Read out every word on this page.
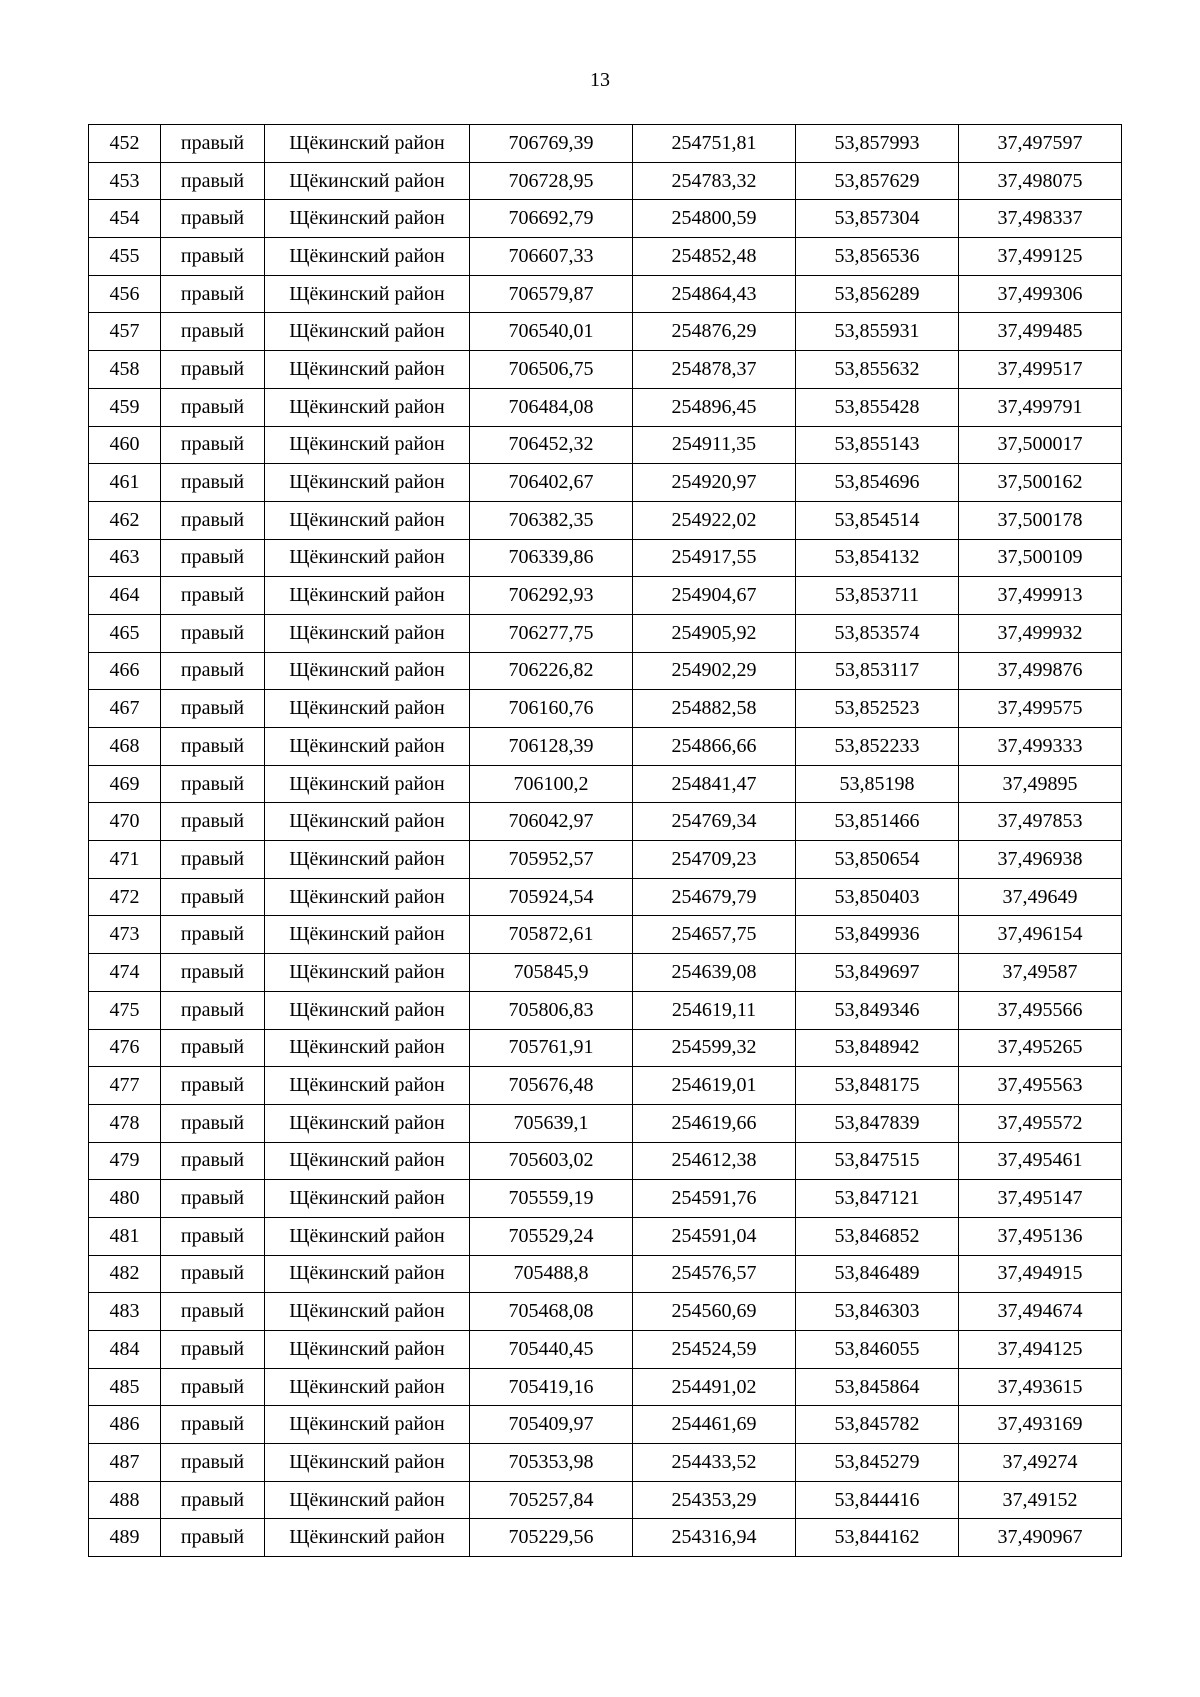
13
452	правый	Щёкинский район	706769,39	254751,81	53,857993	37,497597
453	правый	Щёкинский район	706728,95	254783,32	53,857629	37,498075
454	правый	Щёкинский район	706692,79	254800,59	53,857304	37,498337
455	правый	Щёкинский район	706607,33	254852,48	53,856536	37,499125
456	правый	Щёкинский район	706579,87	254864,43	53,856289	37,499306
457	правый	Щёкинский район	706540,01	254876,29	53,855931	37,499485
458	правый	Щёкинский район	706506,75	254878,37	53,855632	37,499517
459	правый	Щёкинский район	706484,08	254896,45	53,855428	37,499791
460	правый	Щёкинский район	706452,32	254911,35	53,855143	37,500017
461	правый	Щёкинский район	706402,67	254920,97	53,854696	37,500162
462	правый	Щёкинский район	706382,35	254922,02	53,854514	37,500178
463	правый	Щёкинский район	706339,86	254917,55	53,854132	37,500109
464	правый	Щёкинский район	706292,93	254904,67	53,853711	37,499913
465	правый	Щёкинский район	706277,75	254905,92	53,853574	37,499932
466	правый	Щёкинский район	706226,82	254902,29	53,853117	37,499876
467	правый	Щёкинский район	706160,76	254882,58	53,852523	37,499575
468	правый	Щёкинский район	706128,39	254866,66	53,852233	37,499333
469	правый	Щёкинский район	706100,2	254841,47	53,85198	37,49895
470	правый	Щёкинский район	706042,97	254769,34	53,851466	37,497853
471	правый	Щёкинский район	705952,57	254709,23	53,850654	37,496938
472	правый	Щёкинский район	705924,54	254679,79	53,850403	37,49649
473	правый	Щёкинский район	705872,61	254657,75	53,849936	37,496154
474	правый	Щёкинский район	705845,9	254639,08	53,849697	37,49587
475	правый	Щёкинский район	705806,83	254619,11	53,849346	37,495566
476	правый	Щёкинский район	705761,91	254599,32	53,848942	37,495265
477	правый	Щёкинский район	705676,48	254619,01	53,848175	37,495563
478	правый	Щёкинский район	705639,1	254619,66	53,847839	37,495572
479	правый	Щёкинский район	705603,02	254612,38	53,847515	37,495461
480	правый	Щёкинский район	705559,19	254591,76	53,847121	37,495147
481	правый	Щёкинский район	705529,24	254591,04	53,846852	37,495136
482	правый	Щёкинский район	705488,8	254576,57	53,846489	37,494915
483	правый	Щёкинский район	705468,08	254560,69	53,846303	37,494674
484	правый	Щёкинский район	705440,45	254524,59	53,846055	37,494125
485	правый	Щёкинский район	705419,16	254491,02	53,845864	37,493615
486	правый	Щёкинский район	705409,97	254461,69	53,845782	37,493169
487	правый	Щёкинский район	705353,98	254433,52	53,845279	37,49274
488	правый	Щёкинский район	705257,84	254353,29	53,844416	37,49152
489	правый	Щёкинский район	705229,56	254316,94	53,844162	37,490967
